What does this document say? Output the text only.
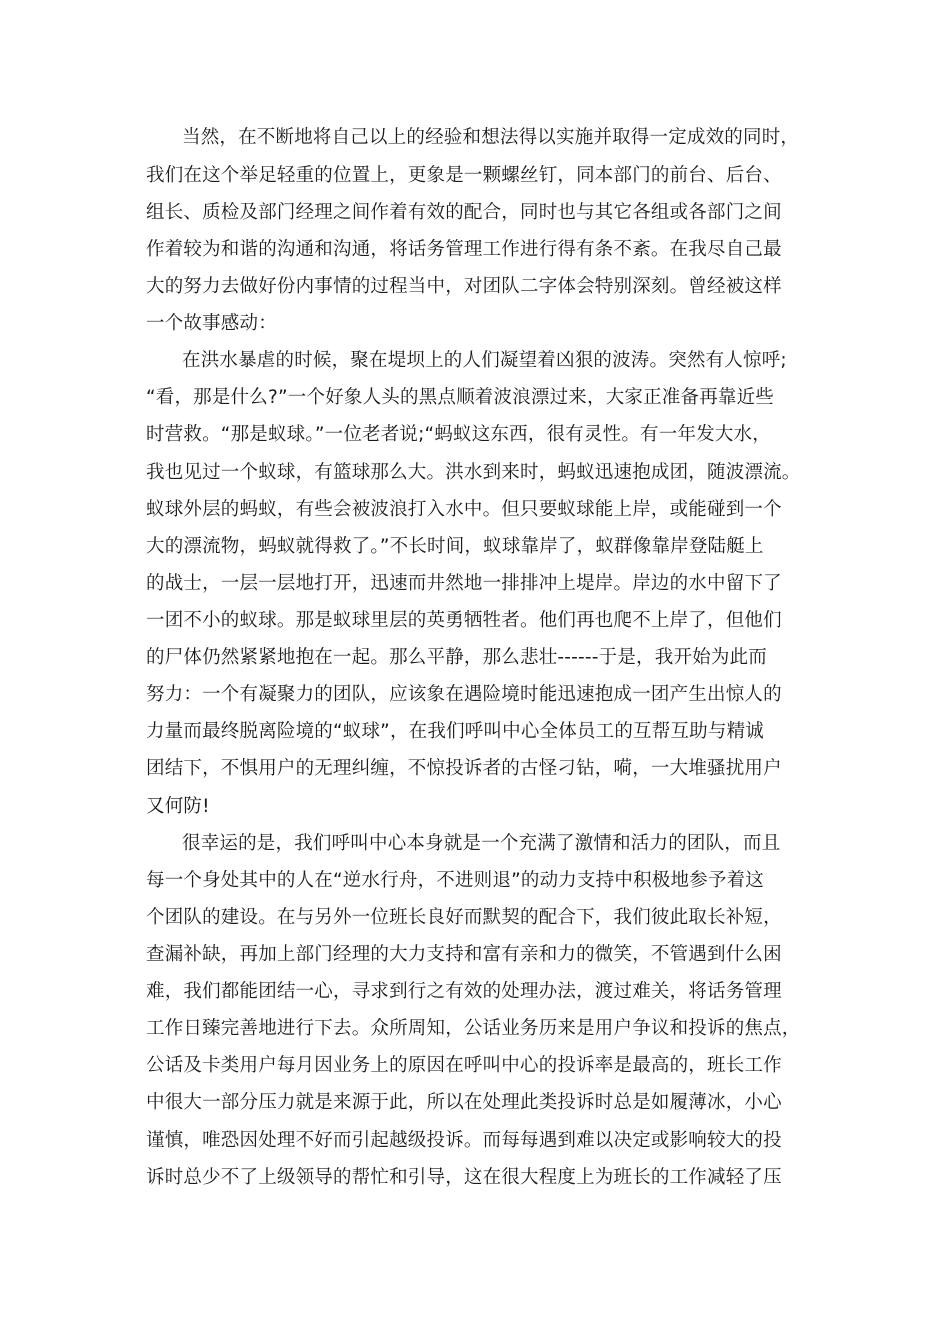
当然，在不断地将自己以上的经验和想法得以实施并取得一定成效的同时，
我们在这个举足轻重的位置上，更象是一颗螺丝钉，同本部门的前台、后台、
组长、质检及部门经理之间作着有效的配合，同时也与其它各组或各部门之间
作着较为和谐的沟通和沟通，将话务管理工作进行得有条不紊。在我尽自己最
大的努力去做好份内事情的过程当中，对团队二字体会特别深刻。曾经被这样
一个故事感动：
在洪水暴虐的时候，聚在堤坝上的人们凝望着凶狠的波涛。突然有人惊呼;
“看，那是什么?”一个好象人头的黑点顺着波浪漂过来，大家正准备再靠近些
时营救。“那是蚁球。”一位老者说;“蚂蚁这东西，很有灵性。有一年发大水，
我也见过一个蚁球，有篮球那么大。洪水到来时，蚂蚁迅速抱成团，随波漂流。
蚁球外层的蚂蚁，有些会被波浪打入水中。但只要蚁球能上岸，或能碰到一个
大的漂流物，蚂蚁就得救了。”不长时间，蚁球靠岸了，蚁群像靠岸登陆艇上
的战士，一层一层地打开，迅速而井然地一排排冲上堤岸。岸边的水中留下了
一团不小的蚁球。那是蚁球里层的英勇牺牲者。他们再也爬不上岸了，但他们
的尸体仍然紧紧地抱在一起。那么平静，那么悲壮------于是，我开始为此而
努力：一个有凝聚力的团队，应该象在遇险境时能迅速抱成一团产生出惊人的
力量而最终脱离险境的“蚁球”，在我们呼叫中心全体员工的互帮互助与精诚
团结下，不惧用户的无理纠缠，不惊投诉者的古怪刁钻，嗬，一大堆骚扰用户
又何防!
很幸运的是，我们呼叫中心本身就是一个充满了激情和活力的团队，而且
每一个身处其中的人在“逆水行舟，不进则退”的动力支持中积极地参予着这
个团队的建设。在与另外一位班长良好而默契的配合下，我们彼此取长补短，
查漏补缺，再加上部门经理的大力支持和富有亲和力的微笑，不管遇到什么困
难，我们都能团结一心，寻求到行之有效的处理办法，渡过难关，将话务管理
工作日臻完善地进行下去。众所周知，公话业务历来是用户争议和投诉的焦点，
公话及卡类用户每月因业务上的原因在呼叫中心的投诉率是最高的，班长工作
中很大一部分压力就是来源于此，所以在处理此类投诉时总是如履薄冰，小心
谨慎，唯恐因处理不好而引起越级投诉。而每每遇到难以决定或影响较大的投
诉时总少不了上级领导的帮忙和引导，这在很大程度上为班长的工作减轻了压
